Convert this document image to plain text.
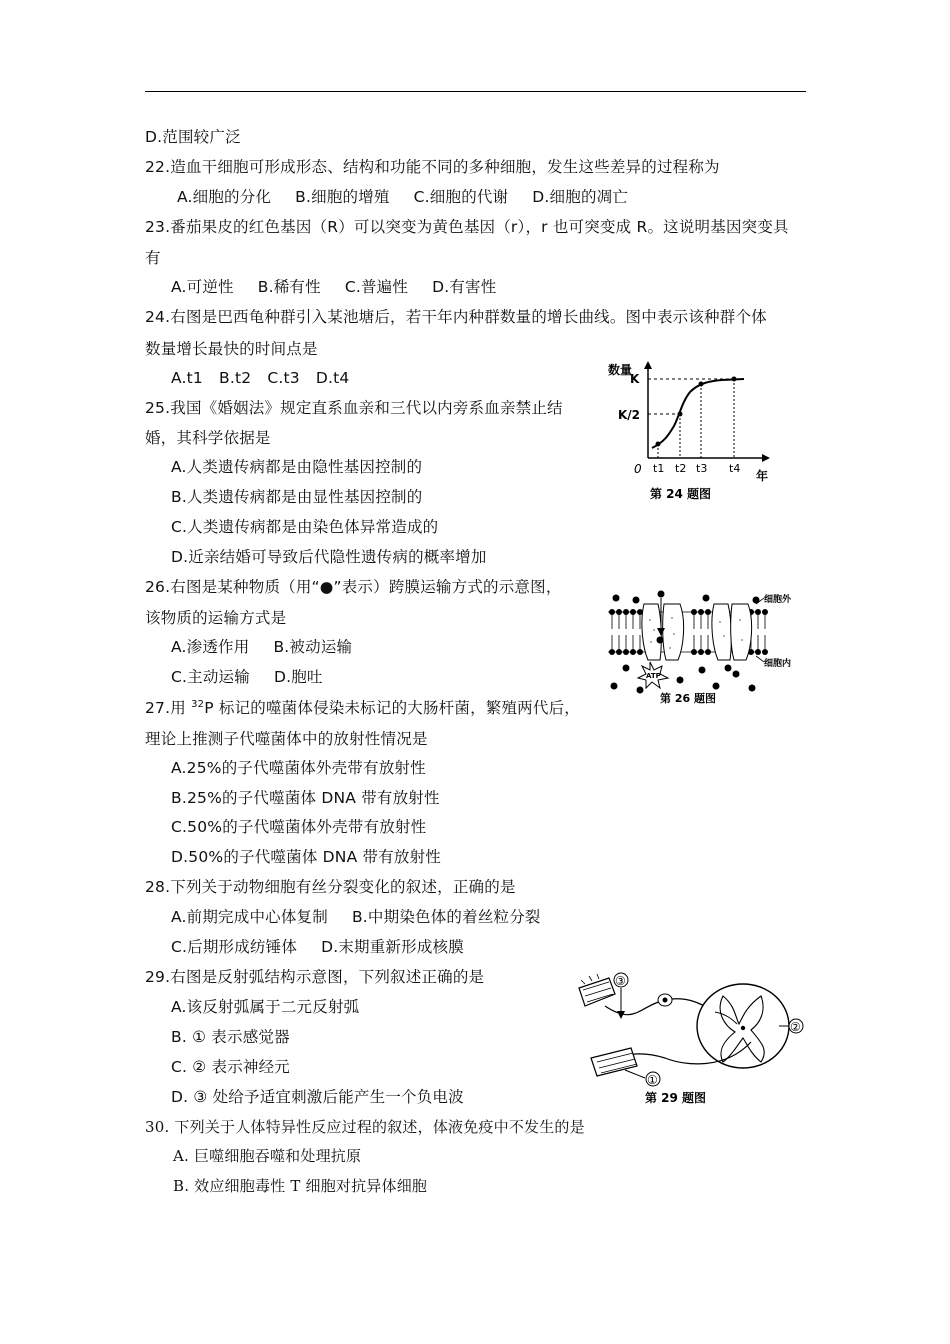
D.范围较广泛
22.造血干细胞可形成形态、结构和功能不同的多种细胞，发生这些差异的过程称为
A.细胞的分化 B.细胞的增殖 C.细胞的代谢 D.细胞的凋亡
23.番茄果皮的红色基因（R）可以突变为黄色基因（r），r 也可突变成 R。这说明基因突变具
有
A.可逆性 B.稀有性 C.普遍性 D.有害性
24.右图是巴西龟种群引入某池塘后，若干年内种群数量的增长曲线。图中表示该种群个体
数量增长最快的时间点是
A.t1 B.t2 C.t3 D.t4	数量
K
K/2
0	年
t1 t2 t3 t4
第 24 题图
25.我国《婚姻法》规定直系血亲和三代以内旁系血亲禁止结
婚，其科学依据是
A.人类遗传病都是由隐性基因控制的
B.人类遗传病都是由显性基因控制的
C.人类遗传病都是由染色体异常造成的
D.近亲结婚可导致后代隐性遗传病的概率增加
26.右图是某种物质（用“●”表示）跨膜运输方式的示意图，
该物质的运输方式是
A.渗透作用 B.被动运输
C.主动运输 D.胞吐	ATP
细胞外
细胞内
第 26 题图
27.用 $^{32}$P 标记的噬菌体侵染未标记的大肠杆菌，繁殖两代后，
理论上推测子代噬菌体中的放射性情况是
A.25%的子代噬菌体外壳带有放射性
B.25%的子代噬菌体 DNA 带有放射性
C.50%的子代噬菌体外壳带有放射性
D.50%的子代噬菌体 DNA 带有放射性
28.下列关于动物细胞有丝分裂变化的叙述，正确的是
A.前期完成中心体复制 B.中期染色体的着丝粒分裂
C.后期形成纺锤体 D.末期重新形成核膜
29.右图是反射弧结构示意图，下列叙述正确的是
A.该反射弧属于二元反射弧
B. ① 表示感觉器
C. ② 表示神经元
D. ③ 处给予适宜刺激后能产生一个负电波
③
②
①
第 29 题图
30. 下列关于人体特异性反应过程的叙述，体液免疫中不发生的是
A. 巨噬细胞吞噬和处理抗原
B. 效应细胞毒性 T 细胞对抗异体细胞
